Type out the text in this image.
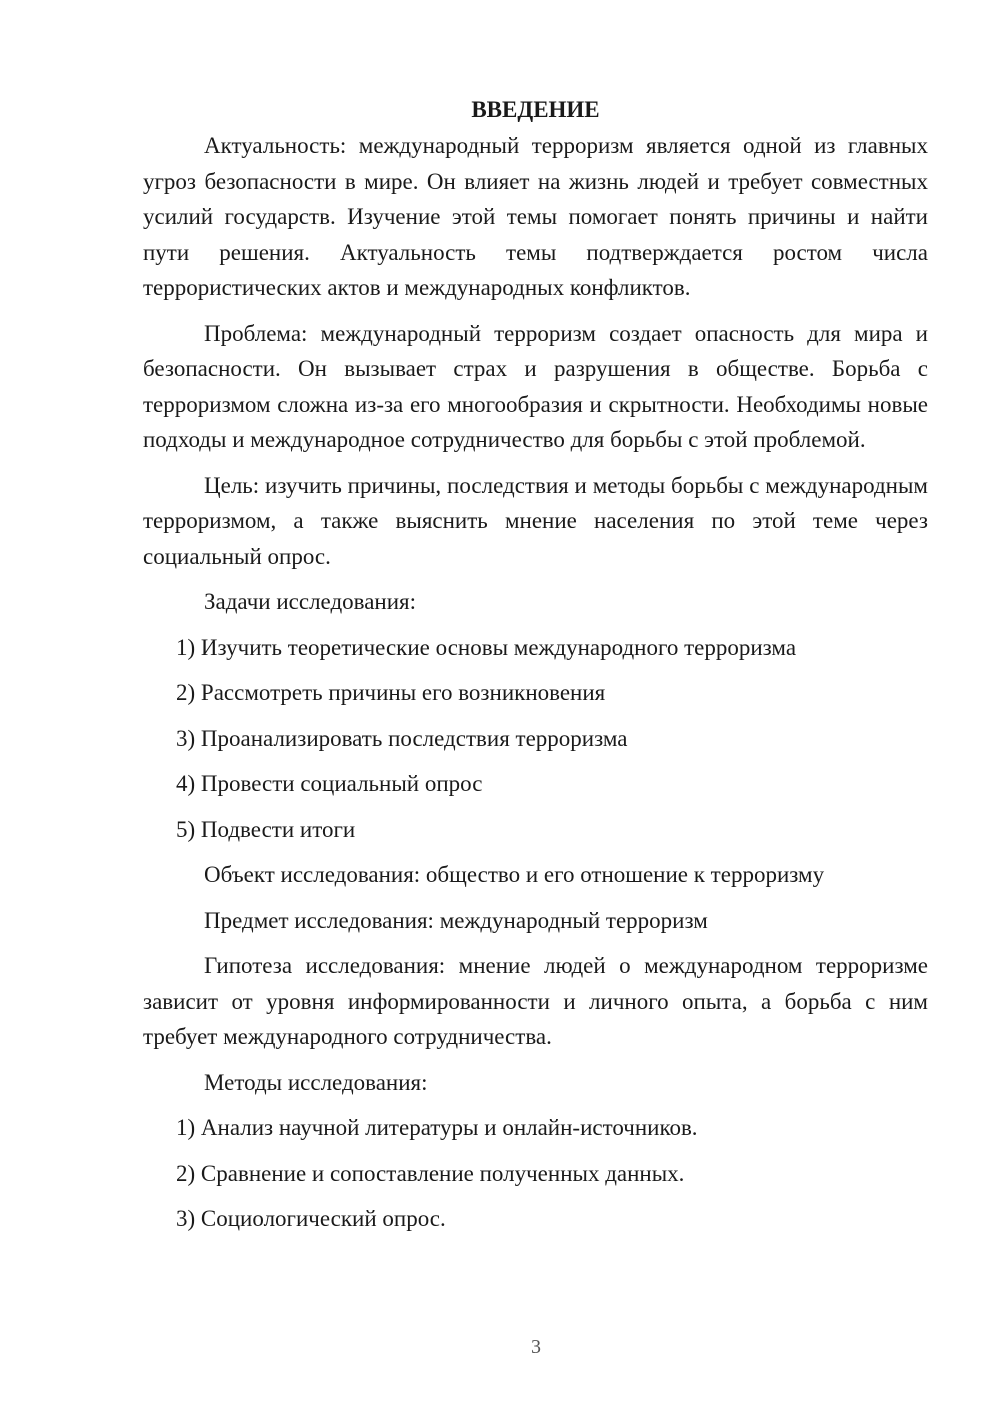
ВВЕДЕНИЕ

Актуальность: международный терроризм является одной из главных угроз безопасности в мире. Он влияет на жизнь людей и требует совместных усилий государств. Изучение этой темы помогает понять причины и найти пути решения. Актуальность темы подтверждается ростом числа террористических актов и международных конфликтов.

Проблема: международный терроризм создает опасность для мира и безопасности. Он вызывает страх и разрушения в обществе. Борьба с терроризмом сложна из-за его многообразия и скрытности. Необходимы новые подходы и международное сотрудничество для борьбы с этой проблемой.

Цель: изучить причины, последствия и методы борьбы с международным терроризмом, а также выяснить мнение населения по этой теме через социальный опрос.

Задачи исследования:

1) Изучить теоретические основы международного терроризма

2) Рассмотреть причины его возникновения

3) Проанализировать последствия терроризма

4) Провести социальный опрос

5) Подвести итоги

Объект исследования: общество и его отношение к терроризму

Предмет исследования: международный терроризм

Гипотеза исследования: мнение людей о международном терроризме зависит от уровня информированности и личного опыта, а борьба с ним требует международного сотрудничества.

Методы исследования:

1) Анализ научной литературы и онлайн-источников.

2) Сравнение и сопоставление полученных данных.

3) Социологический опрос.

3
